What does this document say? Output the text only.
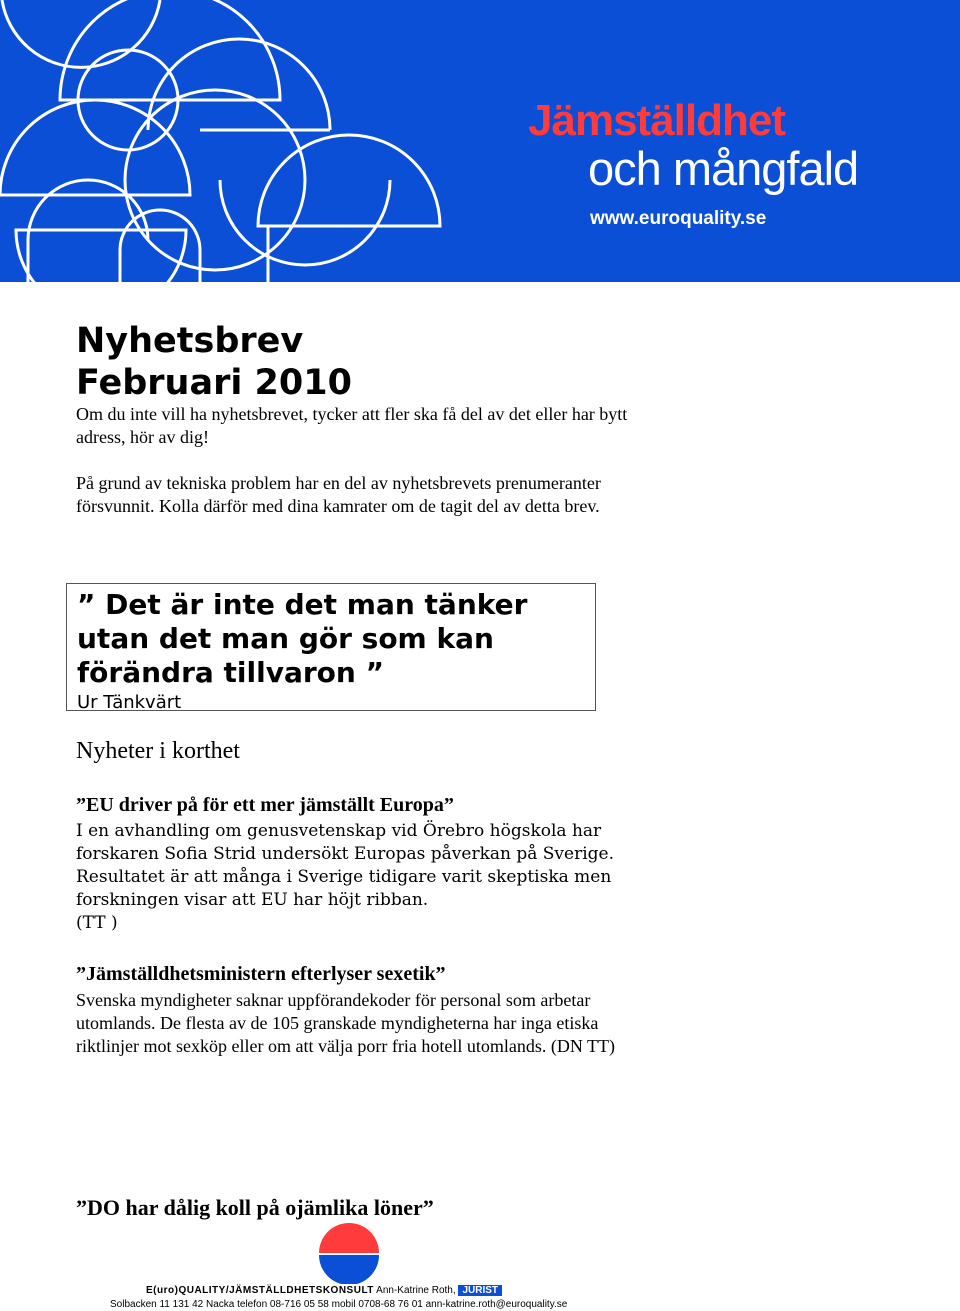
Jämställdhet
och mångfald
www.euroquality.se
Nyhetsbrev
Februari 2010
Om du inte vill ha nyhetsbrevet, tycker att fler ska få del av det eller har bytt adress, hör av dig!
På grund av tekniska problem har en del av nyhetsbrevets prenumeranter försvunnit. Kolla därför med dina kamrater om de tagit del av detta brev.
” Det är inte det man tänker utan det man gör som kan förändra tillvaron ”
Ur Tänkvärt
Nyheter i korthet
”EU driver på för ett mer jämställt Europa”
I en avhandling om genusvetenskap vid Örebro högskola har
forskaren Sofia Strid undersökt Europas påverkan på Sverige.
Resultatet är att många i Sverige tidigare varit skeptiska men
forskningen visar att EU har höjt ribban.
(TT )
”Jämställdhetsministern efterlyser sexetik”
Svenska myndigheter saknar uppförandekoder för personal som arbetar utomlands. De flesta av de 105 granskade myndigheterna har inga etiska riktlinjer mot sexköp eller om att välja porr fria hotell utomlands. (DN TT)
”DO har dålig koll på ojämlika löner”
E(uro)QUALITY/JÄMSTÄLLDHETSKONSULT Ann-Katrine Roth, JURIST
Solbacken 11 131 42 Nacka telefon 08-716 05 58 mobil 0708-68 76 01 ann-katrine.roth@euroquality.se
